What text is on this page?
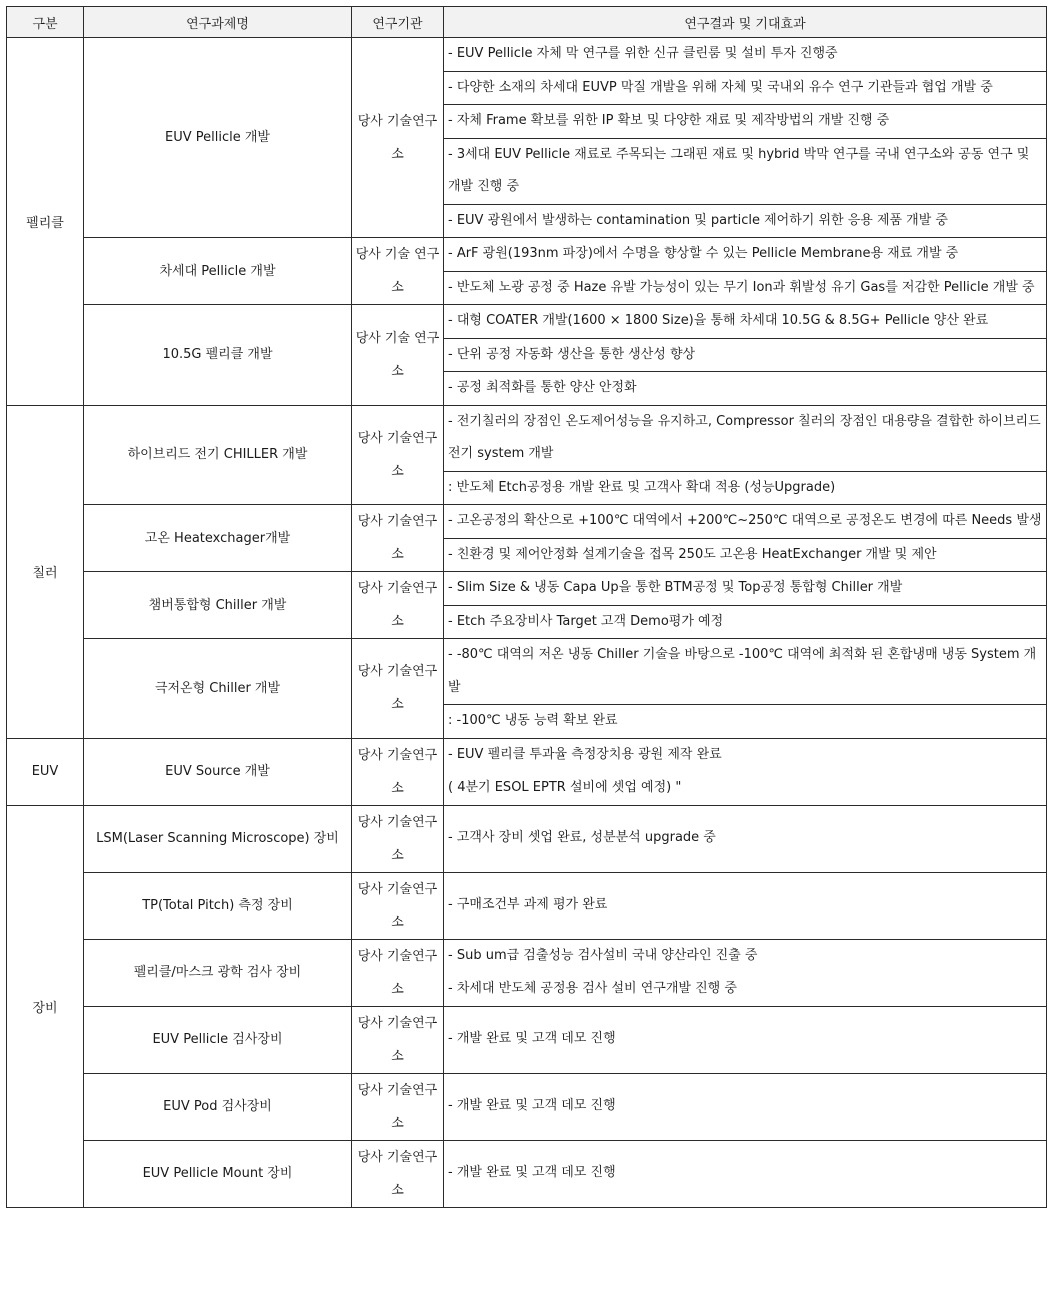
구분	연구과제명	연구기관	연구결과 및 기대효과
펠리클	EUV Pellicle 개발	당사 기술연구소	- EUV Pellicle 자체 막 연구를 위한 신규 클린룸 및 설비 투자 진행중
- 다양한 소재의 차세대 EUVP 막질 개발을 위해 자체 및 국내외 유수 연구 기관들과 협업 개발 중
- 자체 Frame 확보를 위한 IP 확보 및 다양한 재료 및 제작방법의 개발 진행 중
- 3세대 EUV Pellicle 재료로 주목되는 그래핀 재료 및 hybrid 박막 연구를 국내 연구소와 공동 연구 및 개발 진행 중
- EUV 광원에서 발생하는 contamination 및 particle 제어하기 위한 응용 제품 개발 중

	차세대 Pellicle 개발	당사 기술 연구소	- ArF 광원(193nm 파장)에서 수명을 향상할 수 있는 Pellicle Membrane용 재료 개발 중
- 반도체 노광 공정 중 Haze 유발 가능성이 있는 무기 Ion과 휘발성 유기 Gas를 저감한 Pellicle 개발 중

	10.5G 펠리클 개발	당사 기술 연구소	- 대형 COATER 개발(1600 × 1800 Size)을 통해 차세대 10.5G & 8.5G+ Pellicle 양산 완료
- 단위 공정 자동화 생산을 통한 생산성 향상
- 공정 최적화를 통한 양산 안정화

칠러	하이브리드 전기 CHILLER 개발	당사 기술연구소	- 전기칠러의 장점인 온도제어성능을 유지하고, Compressor 칠러의 장점인 대용량을 결합한 하이브리드 전기 system 개발
: 반도체 Etch공정용 개발 완료 및 고객사 확대 적용 (성능Upgrade)

	고온 Heatexchager개발	당사 기술연구소	- 고온공정의 확산으로 +100℃ 대역에서 +200℃~250℃ 대역으로 공정온도 변경에 따른 Needs 발생
- 친환경 및 제어안정화 설계기술을 접목 250도 고온용 HeatExchanger 개발 및 제안

	챔버통합형 Chiller 개발	당사 기술연구소	- Slim Size & 냉동 Capa Up을 통한 BTM공정 및 Top공정 통합형 Chiller 개발
- Etch 주요장비사 Target 고객 Demo평가 예정

	극저온형 Chiller 개발	당사 기술연구소	- -80℃ 대역의 저온 냉동 Chiller 기술을 바탕으로 -100℃ 대역에 최적화 된 혼합냉매 냉동 System 개발
: -100℃ 냉동 능력 확보 완료

EUV	EUV Source 개발	당사 기술연구소	- EUV 펠리클 투과율 측정장치용 광원 제작 완료
( 4분기 ESOL EPTR 설비에 셋업 예정) "

장비	LSM(Laser Scanning Microscope) 장비	당사 기술연구소	- 고객사 장비 셋업 완료, 성분분석 upgrade 중

	TP(Total Pitch) 측정 장비	당사 기술연구소	- 구매조건부 과제 평가 완료

	펠리클/마스크 광학 검사 장비	당사 기술연구소	- Sub um급 검출성능 검사설비 국내 양산라인 진출 중
- 차세대 반도체 공정용 검사 설비 연구개발 진행 중

	EUV Pellicle 검사장비	당사 기술연구소	- 개발 완료 및 고객 데모 진행

	EUV Pod 검사장비	당사 기술연구소	- 개발 완료 및 고객 데모 진행

	EUV Pellicle Mount 장비	당사 기술연구소	- 개발 완료 및 고객 데모 진행
